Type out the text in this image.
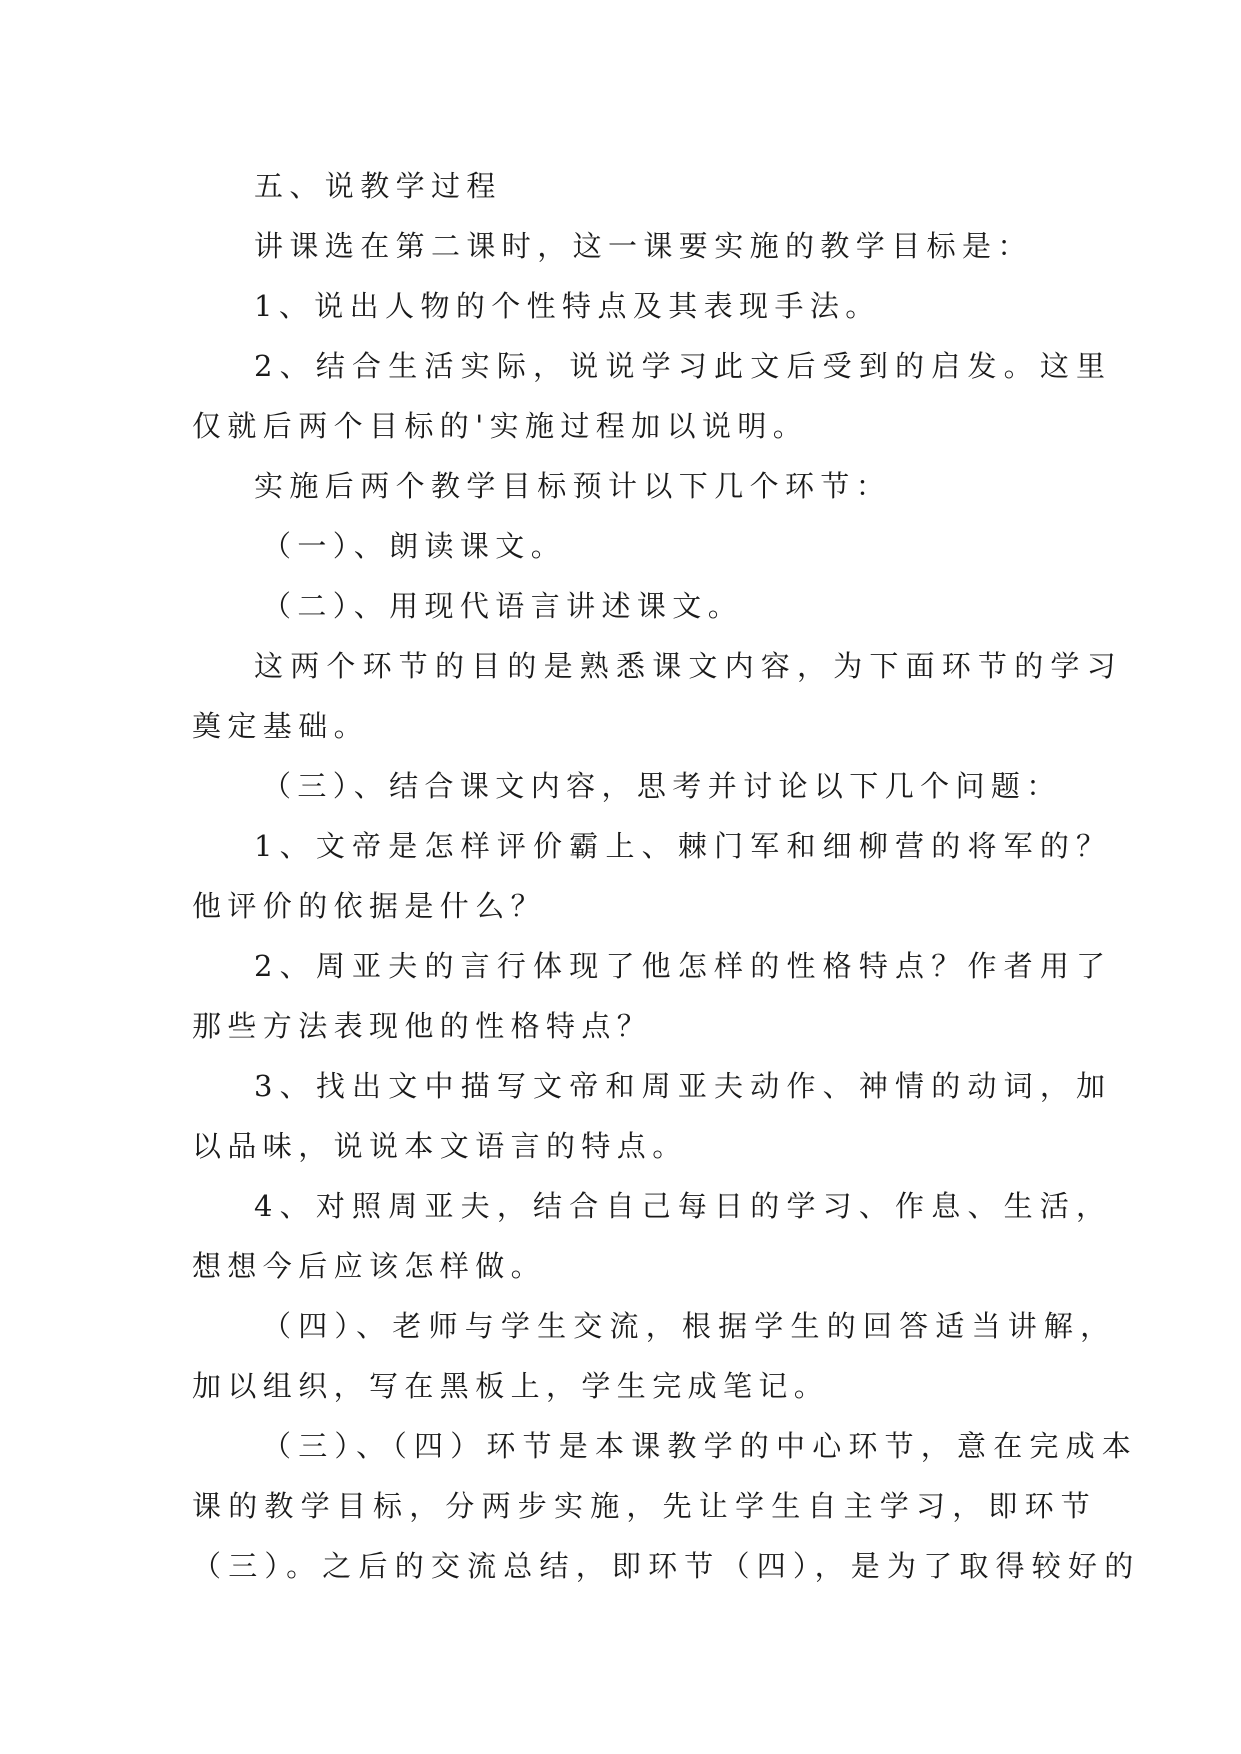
五、说教学过程
讲课选在第二课时，这一课要实施的教学目标是：
1、说出人物的个性特点及其表现手法。
2、结合生活实际，说说学习此文后受到的启发。这里
仅就后两个目标的'实施过程加以说明。
实施后两个教学目标预计以下几个环节：
（一）、朗读课文。
（二）、用现代语言讲述课文。
这两个环节的目的是熟悉课文内容，为下面环节的学习
奠定基础。
（三）、结合课文内容，思考并讨论以下几个问题：
1、文帝是怎样评价霸上、棘门军和细柳营的将军的？
他评价的依据是什么？
2、周亚夫的言行体现了他怎样的性格特点？作者用了
那些方法表现他的性格特点？
3、找出文中描写文帝和周亚夫动作、神情的动词，加
以品味，说说本文语言的特点。
4、对照周亚夫，结合自己每日的学习、作息、生活，
想想今后应该怎样做。
（四）、老师与学生交流，根据学生的回答适当讲解，
加以组织，写在黑板上，学生完成笔记。
（三）、（四）环节是本课教学的中心环节，意在完成本
课的教学目标，分两步实施，先让学生自主学习，即环节
（三）。之后的交流总结，即环节（四），是为了取得较好的
